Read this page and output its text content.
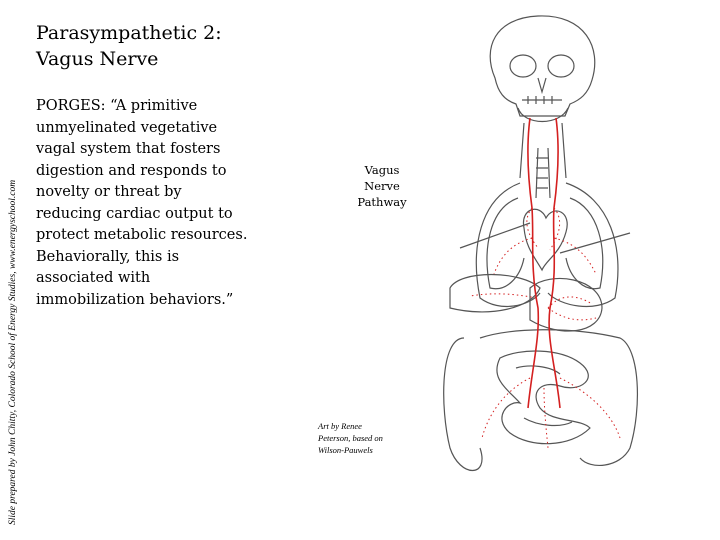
Slide prepared by John Chitty, Colorado School of Energy Studies, www.energyschool.com
Parasympathetic 2:
Vagus Nerve

PORGES: “A primitive unmyelinated vegetative vagal system that fosters digestion and responds to novelty or threat by reducing cardiac output to protect metabolic resources. Behaviorally, this is associated with immobilization behaviors.”

Vagus
Nerve
Pathway
Art by Renee
Peterson, based on
Wilson-Pauwels
